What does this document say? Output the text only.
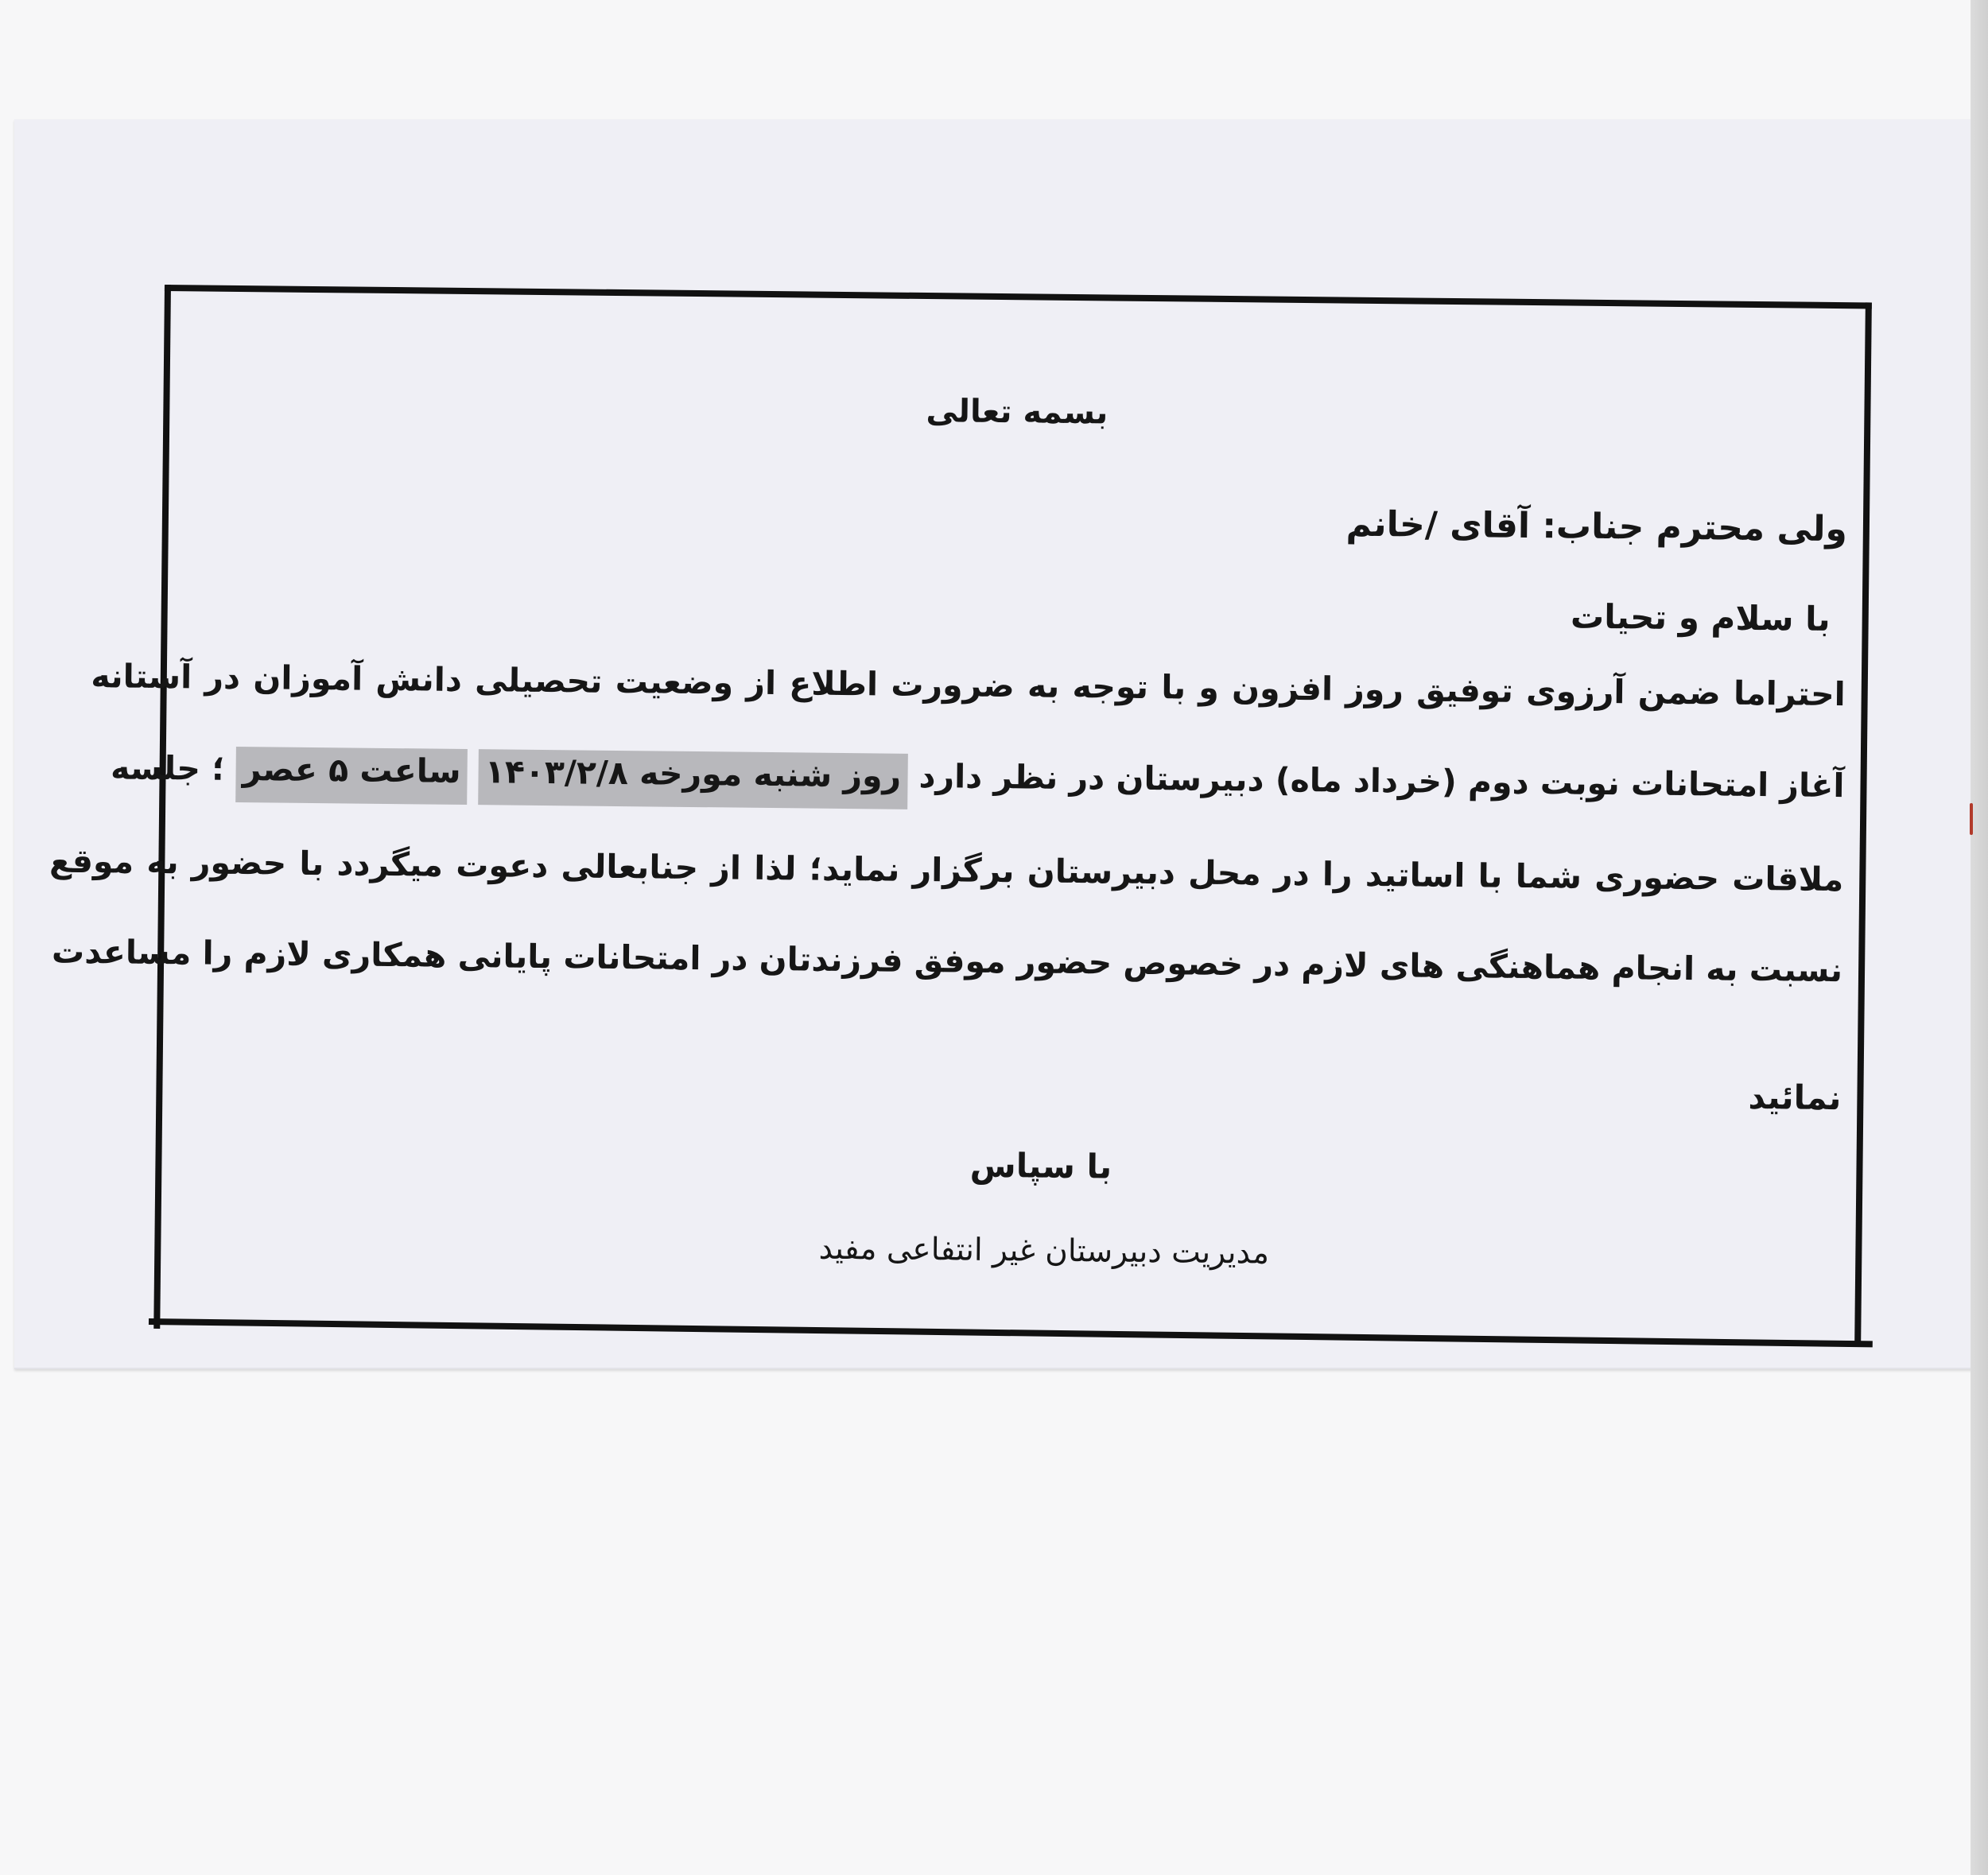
بسمه تعالی
ولی محترم جناب: آقای /خانم
با سلام و تحیات
احتراما ضمن آرزوی توفیق روز افزون و با توجه به ضرورت اطلاع از وضعیت تحصیلی دانش آموزان در آستانه
آغاز امتحانات نوبت دوم (خرداد ماه) دبیرستان در نظر دارد روز شنبه مورخه ۱۴۰۳/۲/۸ ساعت ۵ عصر ؛ جلسه
ملاقات حضوری شما با اساتید را در محل دبیرستان برگزار نماید؛ لذا از جنابعالی دعوت میگردد با حضور به موقع
نسبت به انجام هماهنگی های لازم در خصوص حضور موفق فرزندتان در امتحانات پایانی همکاری لازم را مساعدت
نمائید
با سپاس
مدیریت دبیرستان غیر انتفاعی مفید
